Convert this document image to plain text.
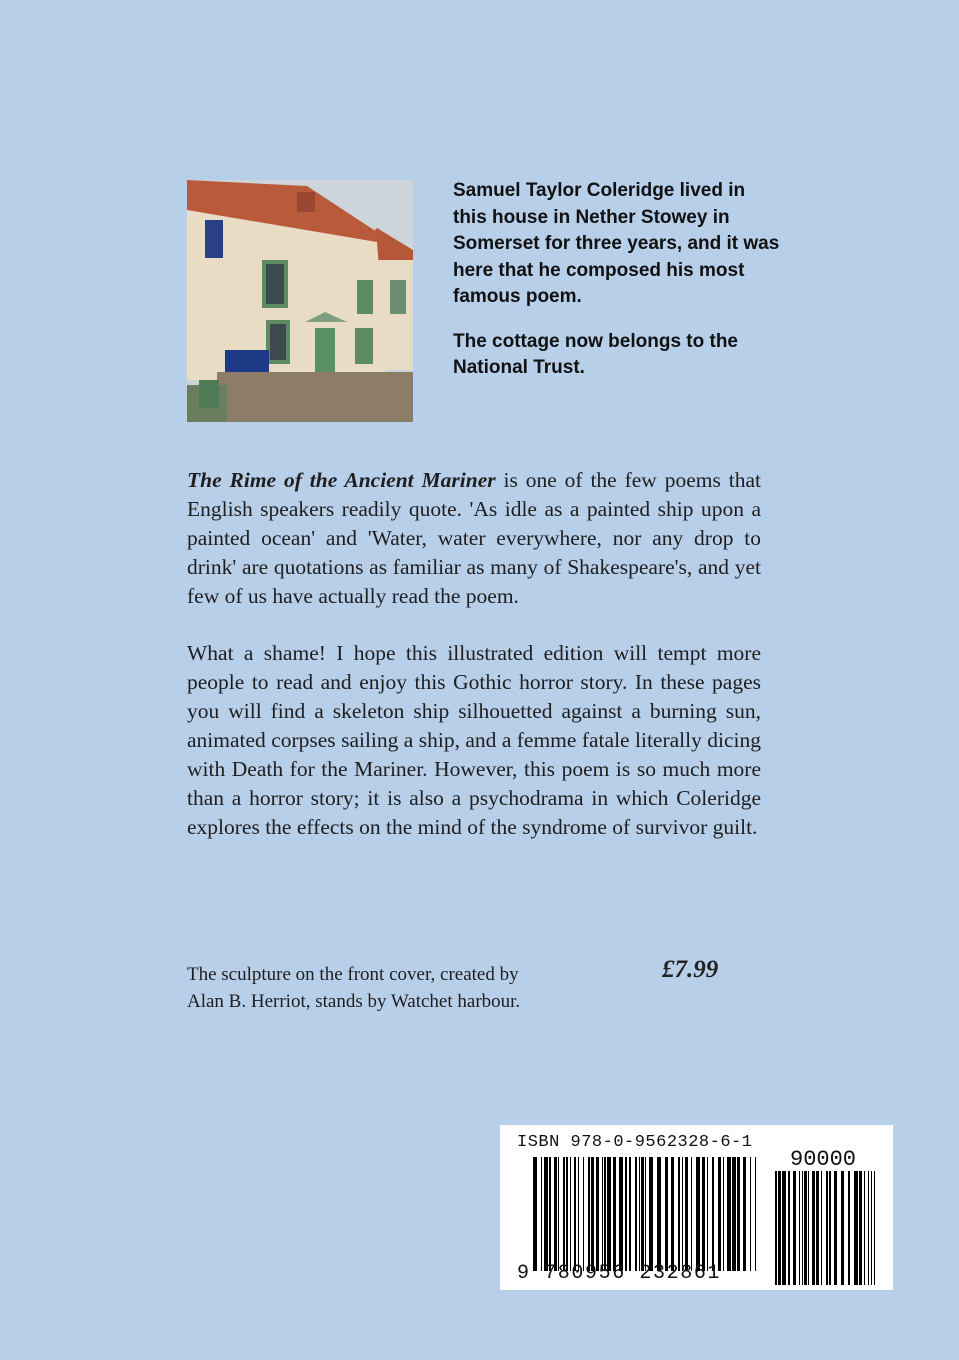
Samuel Taylor Coleridge lived in this house in Nether Stowey in Somerset for three years, and it was here that he composed his most famous poem.

The cottage now belongs to the National Trust.

The Rime of the Ancient Mariner is one of the few poems that English speakers readily quote. 'As idle as a painted ship upon a painted ocean' and 'Water, water everywhere, nor any drop to drink' are quotations as familiar as many of Shakespeare's, and yet few of us have actually read the poem.

What a shame! I hope this illustrated edition will tempt more people to read and enjoy this Gothic horror story. In these pages you will find a skeleton ship silhouetted against a burning sun, animated corpses sailing a ship, and a femme fatale literally dicing with Death for the Mariner. However, this poem is so much more than a horror story; it is also a psychodrama in which Coleridge explores the effects on the mind of the syndrome of survivor guilt.

The sculpture on the front cover, created by
Alan B. Herriot, stands by Watchet harbour.
£7.99
ISBN 978-0-9562328-6-1
90000
9 780956 232861
